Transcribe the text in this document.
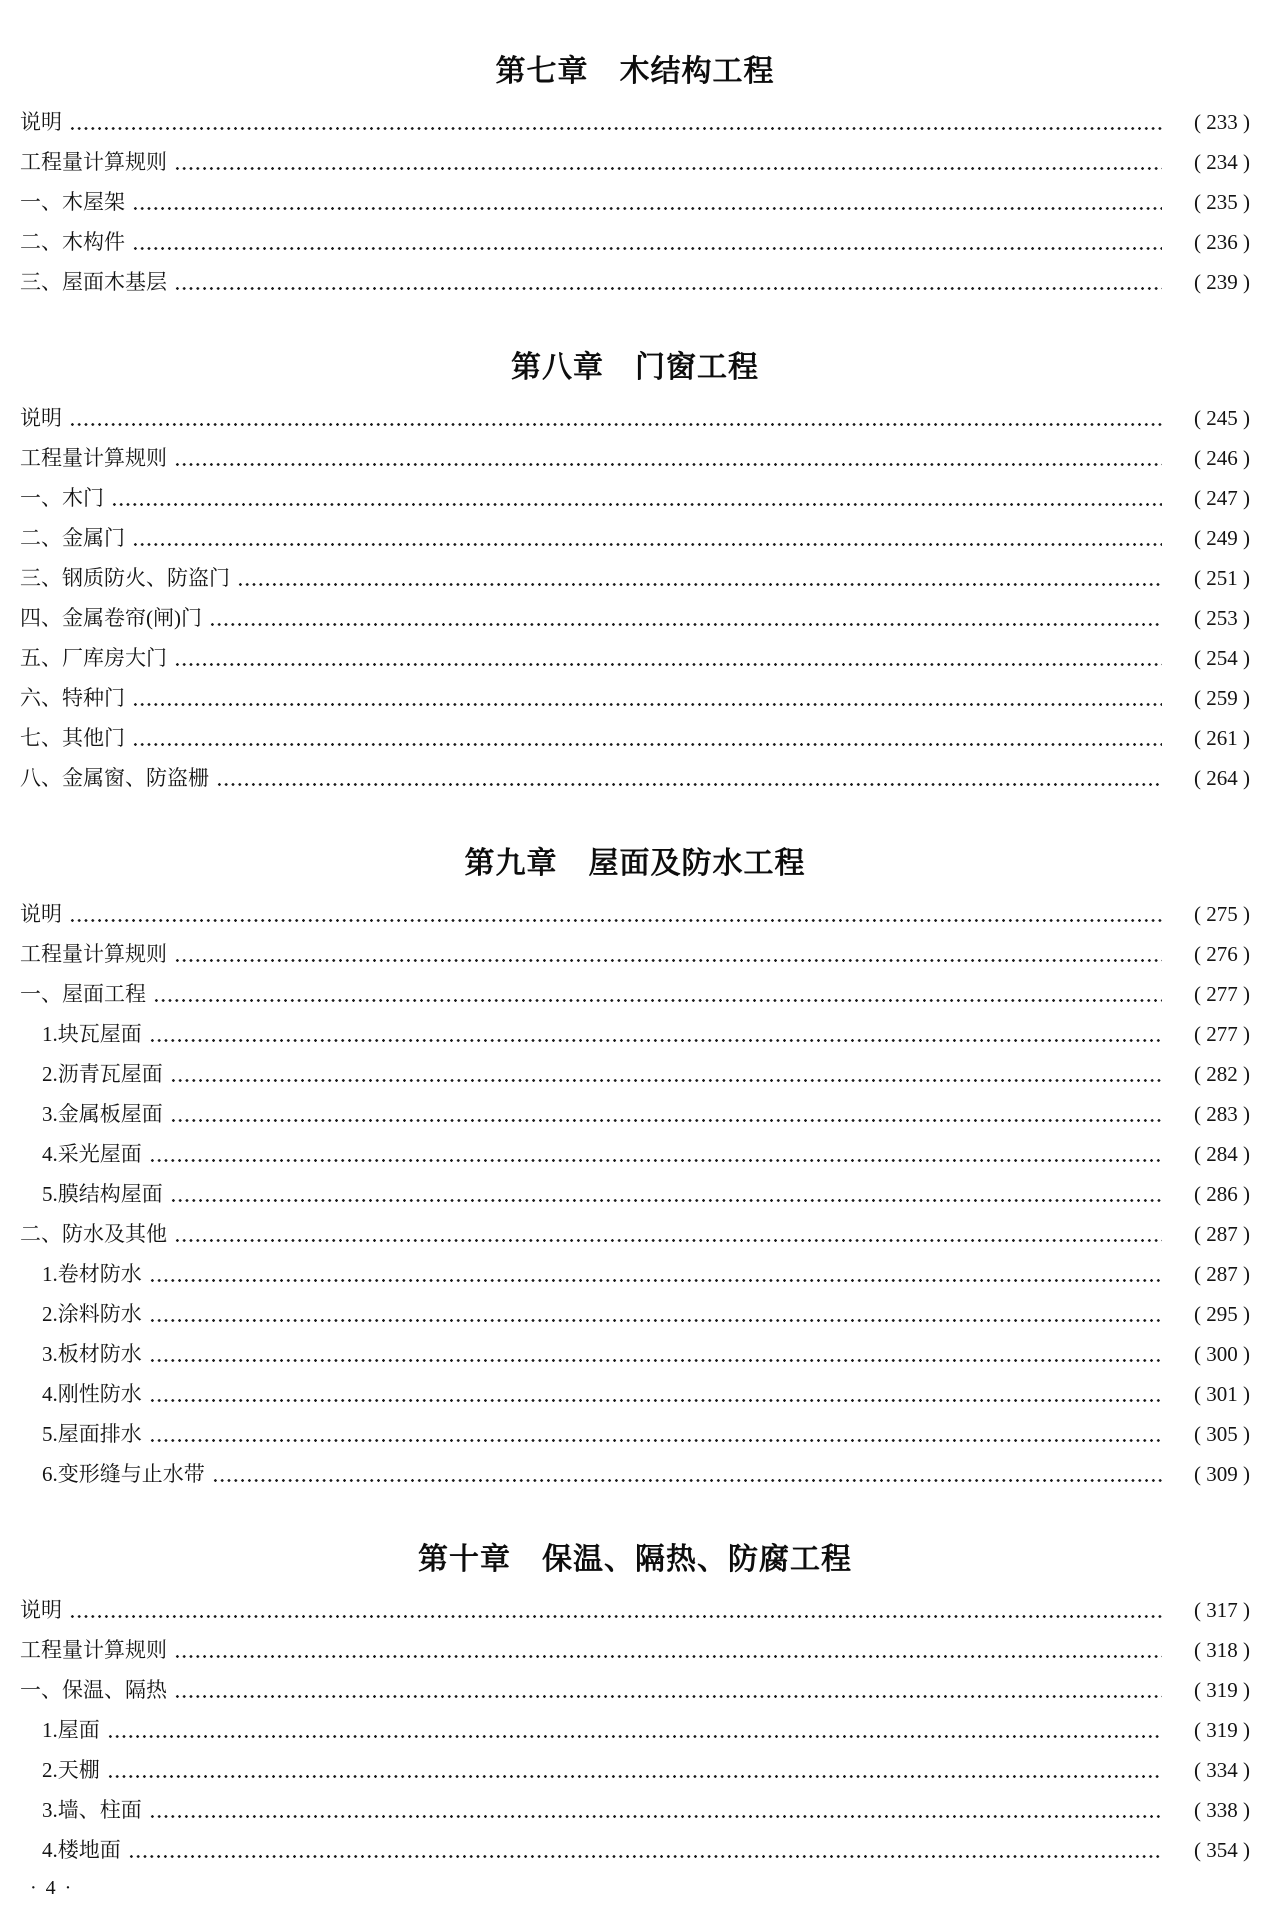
第七章　木结构工程
说明	( 233 )
工程量计算规则	( 234 )
一、木屋架	( 235 )
二、木构件	( 236 )
三、屋面木基层	( 239 )
第八章　门窗工程
说明	( 245 )
工程量计算规则	( 246 )
一、木门	( 247 )
二、金属门	( 249 )
三、钢质防火、防盗门	( 251 )
四、金属卷帘(闸)门	( 253 )
五、厂库房大门	( 254 )
六、特种门	( 259 )
七、其他门	( 261 )
八、金属窗、防盗栅	( 264 )
第九章　屋面及防水工程
说明	( 275 )
工程量计算规则	( 276 )
一、屋面工程	( 277 )
1.块瓦屋面	( 277 )
2.沥青瓦屋面	( 282 )
3.金属板屋面	( 283 )
4.采光屋面	( 284 )
5.膜结构屋面	( 286 )
二、防水及其他	( 287 )
1.卷材防水	( 287 )
2.涂料防水	( 295 )
3.板材防水	( 300 )
4.刚性防水	( 301 )
5.屋面排水	( 305 )
6.变形缝与止水带	( 309 )
第十章　保温、隔热、防腐工程
说明	( 317 )
工程量计算规则	( 318 )
一、保温、隔热	( 319 )
1.屋面	( 319 )
2.天棚	( 334 )
3.墙、柱面	( 338 )
4.楼地面	( 354 )
· 4 ·
